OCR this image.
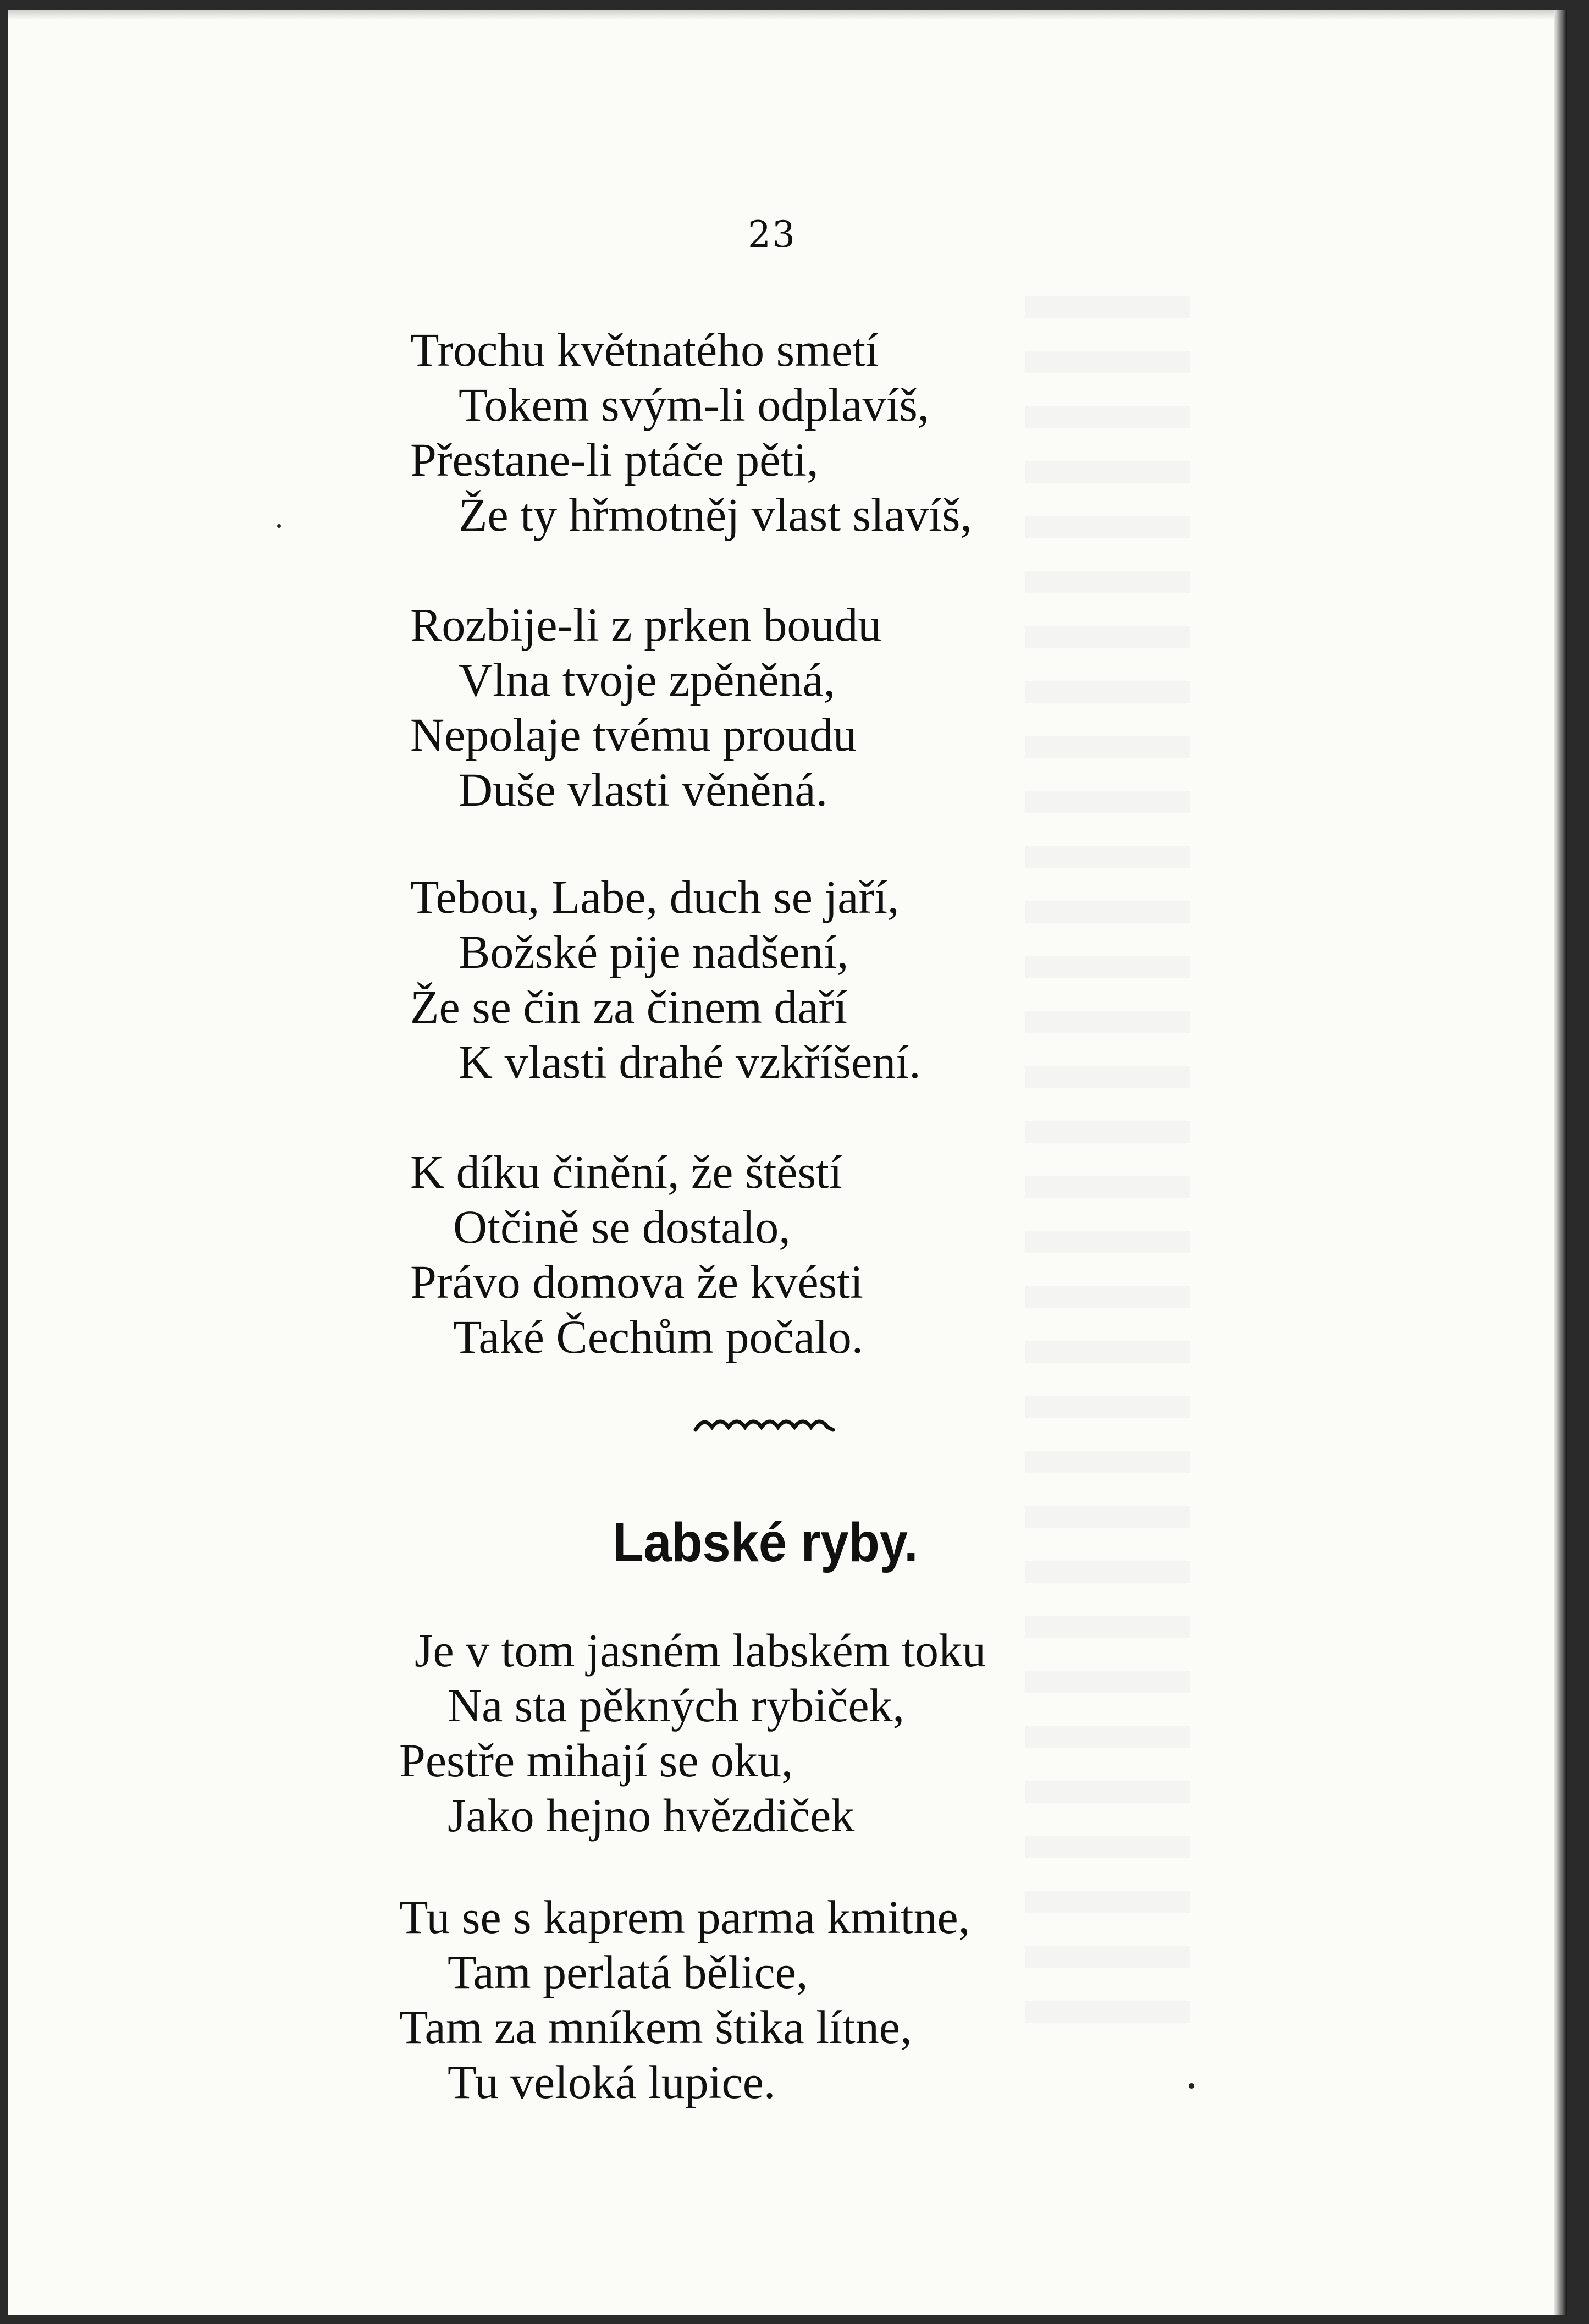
23
Trochu květnatého smetí
Tokem svým-li odplavíš,
Přestane-li ptáče pěti,
Že ty hřmotněj vlast slavíš,
Rozbije-li z prken boudu
Vlna tvoje zpěněná,
Nepolaje tvému proudu
Duše vlasti věněná.
Tebou, Labe, duch se jaří,
Božské pije nadšení,
Že se čin za činem daří
K vlasti drahé vzkříšení.
K díku činění, že štěstí
Otčině se dostalo,
Právo domova že kvésti
Také Čechům počalo.
Labské ryby.
Je v tom jasném labském toku
Na sta pěkných rybiček,
Pestře mihají se oku,
Jako hejno hvězdiček
Tu se s kaprem parma kmitne,
Tam perlatá bělice,
Tam za mníkem štika lítne,
Tu veloká lupice.
